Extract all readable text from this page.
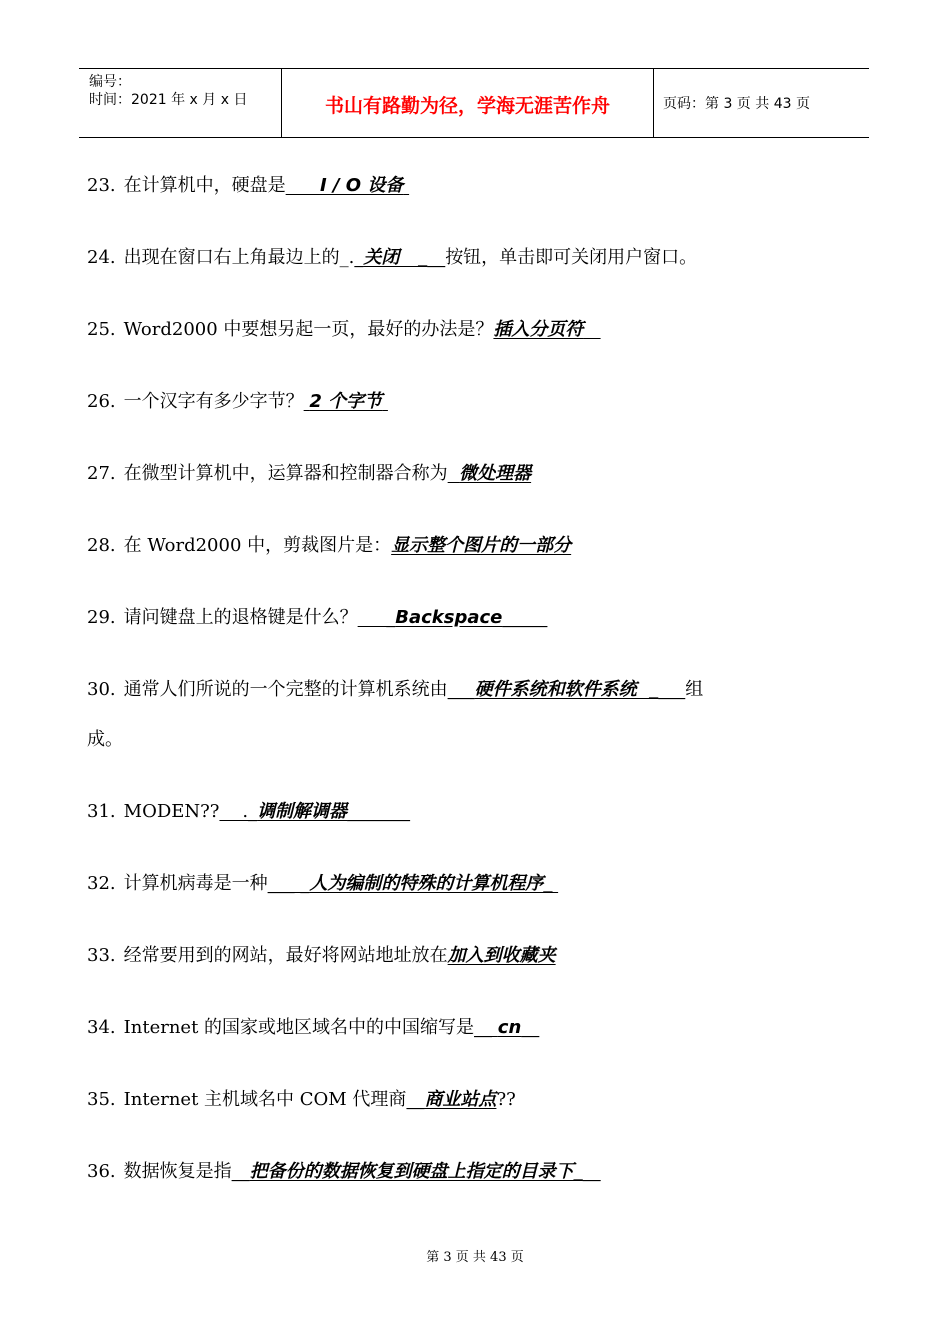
编号：
时间：2021 年 x 月 x 日	书山有路勤为径，学海无涯苦作舟	页码：第 3 页 共 43 页
23. 在计算机中，硬盘是 I / O 设备
24. 出现在窗口右上角最边上的_._关闭   ___按钮，单击即可关闭用户窗口。
25. Word2000 中要想另起一页，最好的办法是？插入分页符
26. 一个汉字有多少字节？ 2 个字节
27. 在微型计算机中，运算器和控制器合称为 微处理器
28. 在 Word2000 中，剪裁图片是：显示整个图片的一部分
29. 请问键盘上的退格键是什么？     _Backspace_____
30. 通常人们所说的一个完整的计算机系统由___硬件系统和软件系统  ____组
成。
31. MODEN??    ._调制解调器_______
32. 计算机病毒是一种___ _人为编制的特殊的计算机程序_
33. 经常要用到的网站，最好将网站地址放在加入到收藏夹
34. Internet 的国家或地区域名中的中国缩写是__ cn__
35. Internet 主机域名中 COM 代理商__商业站点??
36. 数据恢复是指__把备份的数据恢复到硬盘上指定的目录下___
第 3 页 共 43 页
